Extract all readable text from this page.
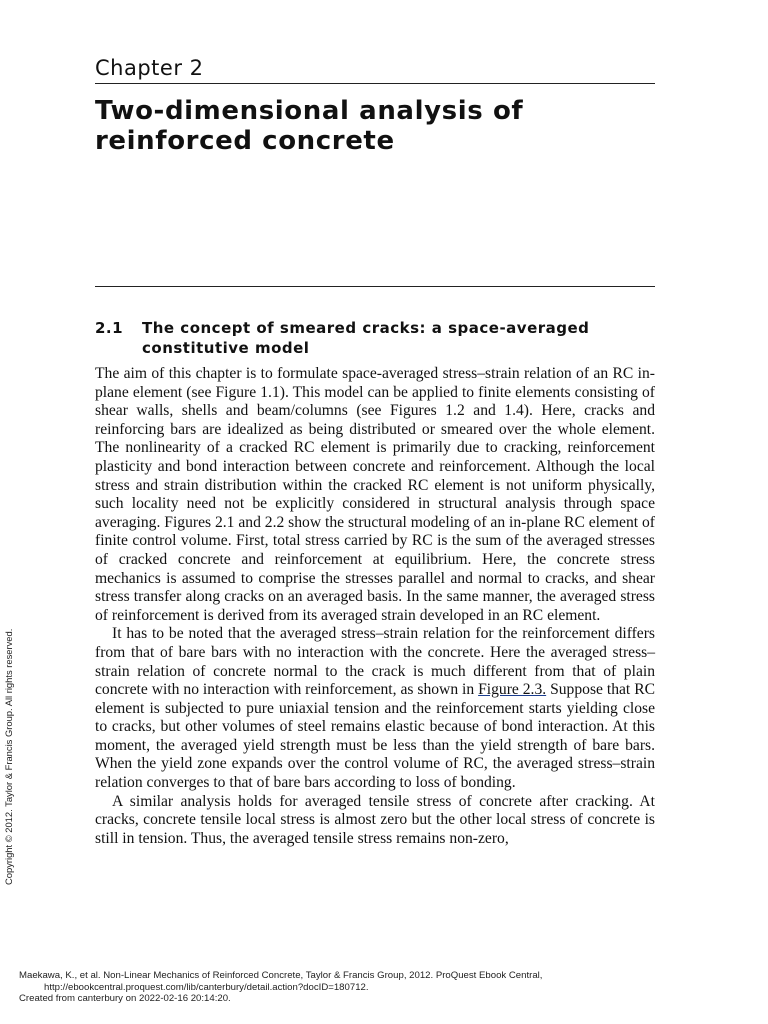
Chapter 2
Two-dimensional analysis of
reinforced concrete
2.1	The concept of smeared cracks: a space-averaged
constitutive model

The aim of this chapter is to formulate space-averaged stress–strain relation of an RC in-plane element (see Figure 1.1). This model can be applied to finite elements consisting of shear walls, shells and beam/columns (see Figures 1.2 and 1.4). Here, cracks and reinforcing bars are idealized as being distributed or smeared over the whole element. The nonlinearity of a cracked RC element is primarily due to cracking, reinforcement plasticity and bond interaction between concrete and reinforcement. Although the local stress and strain distribution within the cracked RC element is not uniform physically, such locality need not be explicitly considered in structural analysis through space averaging. Figures 2.1 and 2.2 show the structural modeling of an in-plane RC element of finite control volume. First, total stress carried by RC is the sum of the averaged stresses of cracked concrete and reinforcement at equilibrium. Here, the concrete stress mechanics is assumed to comprise the stresses parallel and normal to cracks, and shear stress transfer along cracks on an averaged basis. In the same manner, the averaged stress of reinforcement is derived from its averaged strain developed in an RC element.

It has to be noted that the averaged stress–strain relation for the reinforcement differs from that of bare bars with no interaction with the concrete. Here the averaged stress–strain relation of concrete normal to the crack is much different from that of plain concrete with no interaction with reinforcement, as shown in Figure 2.3. Suppose that RC element is subjected to pure uniaxial tension and the reinforcement starts yielding close to cracks, but other volumes of steel remains elastic because of bond interaction. At this moment, the averaged yield strength must be less than the yield strength of bare bars. When the yield zone expands over the control volume of RC, the averaged stress–strain relation converges to that of bare bars according to loss of bonding.

A similar analysis holds for averaged tensile stress of concrete after cracking. At cracks, concrete tensile local stress is almost zero but the other local stress of concrete is still in tension. Thus, the averaged tensile stress remains non-zero,

Copyright © 2012. Taylor & Francis Group. All rights reserved.
Maekawa, K., et al. Non-Linear Mechanics of Reinforced Concrete, Taylor & Francis Group, 2012. ProQuest Ebook Central,
http://ebookcentral.proquest.com/lib/canterbury/detail.action?docID=180712.
Created from canterbury on 2022-02-16 20:14:20.
